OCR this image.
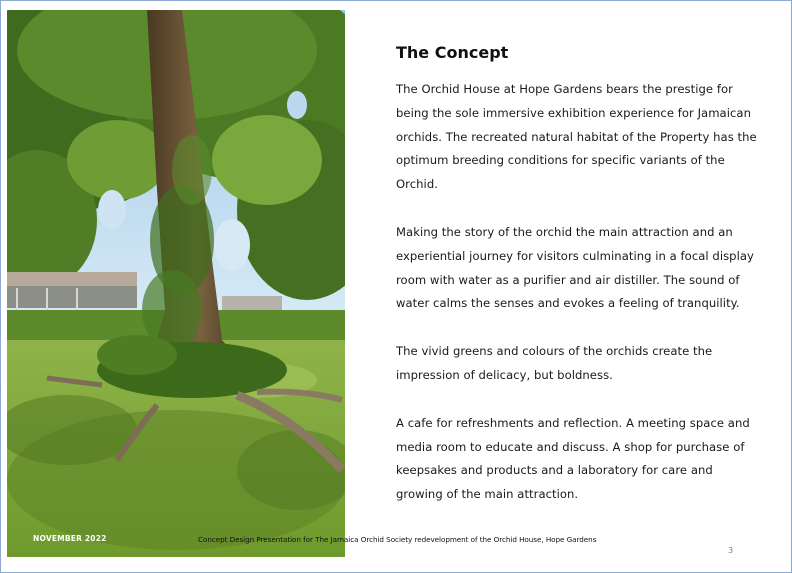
The Concept

The Orchid House at Hope Gardens bears the prestige for
being the sole immersive exhibition experience for Jamaican
orchids. The recreated natural habitat of the Property has the
optimum breeding conditions for specific variants of the
Orchid.

Making the story of the orchid the main attraction and an
experiential journey for visitors culminating in a focal display
room with water as a purifier and air distiller. The sound of
water calms the senses and evokes a feeling of tranquility.

The vivid greens and colours of the orchids create the
impression of delicacy, but boldness.

A cafe for refreshments and reflection. A meeting space and
media room to educate and discuss. A shop for purchase of
keepsakes and products and a laboratory for care and
growing of the main attraction.

NOVEMBER 2022	Concept Design Presentation for The Jamaica Orchid Society redevelopment of the Orchid House, Hope Gardens
3
